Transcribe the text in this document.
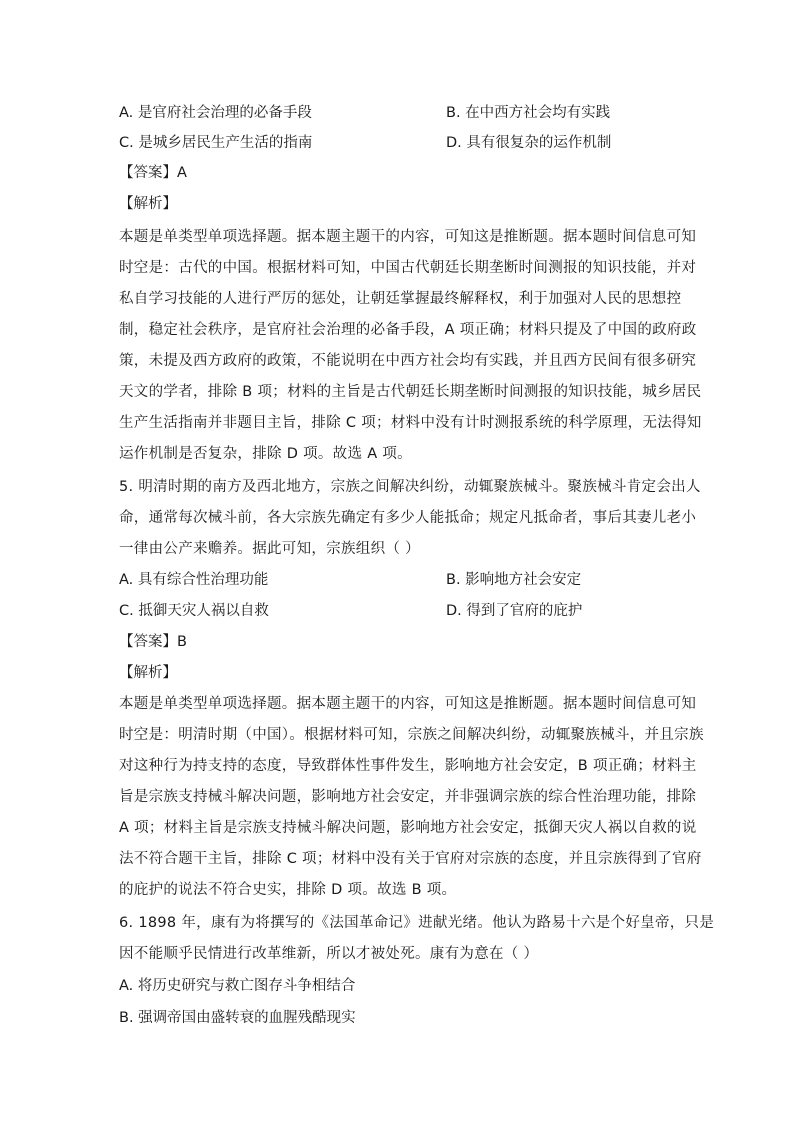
A. 是官府社会治理的必备手段	B. 在中西方社会均有实践
C. 是城乡居民生产生活的指南	D. 具有很复杂的运作机制
【答案】A
【解析】
本题是单类型单项选择题。据本题主题干的内容，可知这是推断题。据本题时间信息可知
时空是：古代的中国。根据材料可知，中国古代朝廷长期垄断时间测报的知识技能，并对
私自学习技能的人进行严厉的惩处，让朝廷掌握最终解释权，利于加强对人民的思想控
制，稳定社会秩序，是官府社会治理的必备手段，A 项正确；材料只提及了中国的政府政
策，未提及西方政府的政策，不能说明在中西方社会均有实践，并且西方民间有很多研究
天文的学者，排除 B 项；材料的主旨是古代朝廷长期垄断时间测报的知识技能，城乡居民
生产生活指南并非题目主旨，排除 C 项；材料中没有计时测报系统的科学原理，无法得知
运作机制是否复杂，排除 D 项。故选 A 项。
5. 明清时期的南方及西北地方，宗族之间解决纠纷，动辄聚族械斗。聚族械斗肯定会出人
命，通常每次械斗前，各大宗族先确定有多少人能抵命；规定凡抵命者，事后其妻儿老小
一律由公产来赡养。据此可知，宗族组织（ ）
A. 具有综合性治理功能	B. 影响地方社会安定
C. 抵御天灾人祸以自救	D. 得到了官府的庇护
【答案】B
【解析】
本题是单类型单项选择题。据本题主题干的内容，可知这是推断题。据本题时间信息可知
时空是：明清时期（中国）。根据材料可知，宗族之间解决纠纷，动辄聚族械斗，并且宗族
对这种行为持支持的态度，导致群体性事件发生，影响地方社会安定，B 项正确；材料主
旨是宗族支持械斗解决问题，影响地方社会安定，并非强调宗族的综合性治理功能，排除
A 项；材料主旨是宗族支持械斗解决问题，影响地方社会安定，抵御天灾人祸以自救的说
法不符合题干主旨，排除 C 项；材料中没有关于官府对宗族的态度，并且宗族得到了官府
的庇护的说法不符合史实，排除 D 项。故选 B 项。
6. 1898 年，康有为将撰写的《法国革命记》进献光绪。他认为路易十六是个好皇帝，只是
因不能顺乎民情进行改革维新，所以才被处死。康有为意在（ ）
A. 将历史研究与救亡图存斗争相结合
B. 强调帝国由盛转衰的血腥残酷现实
